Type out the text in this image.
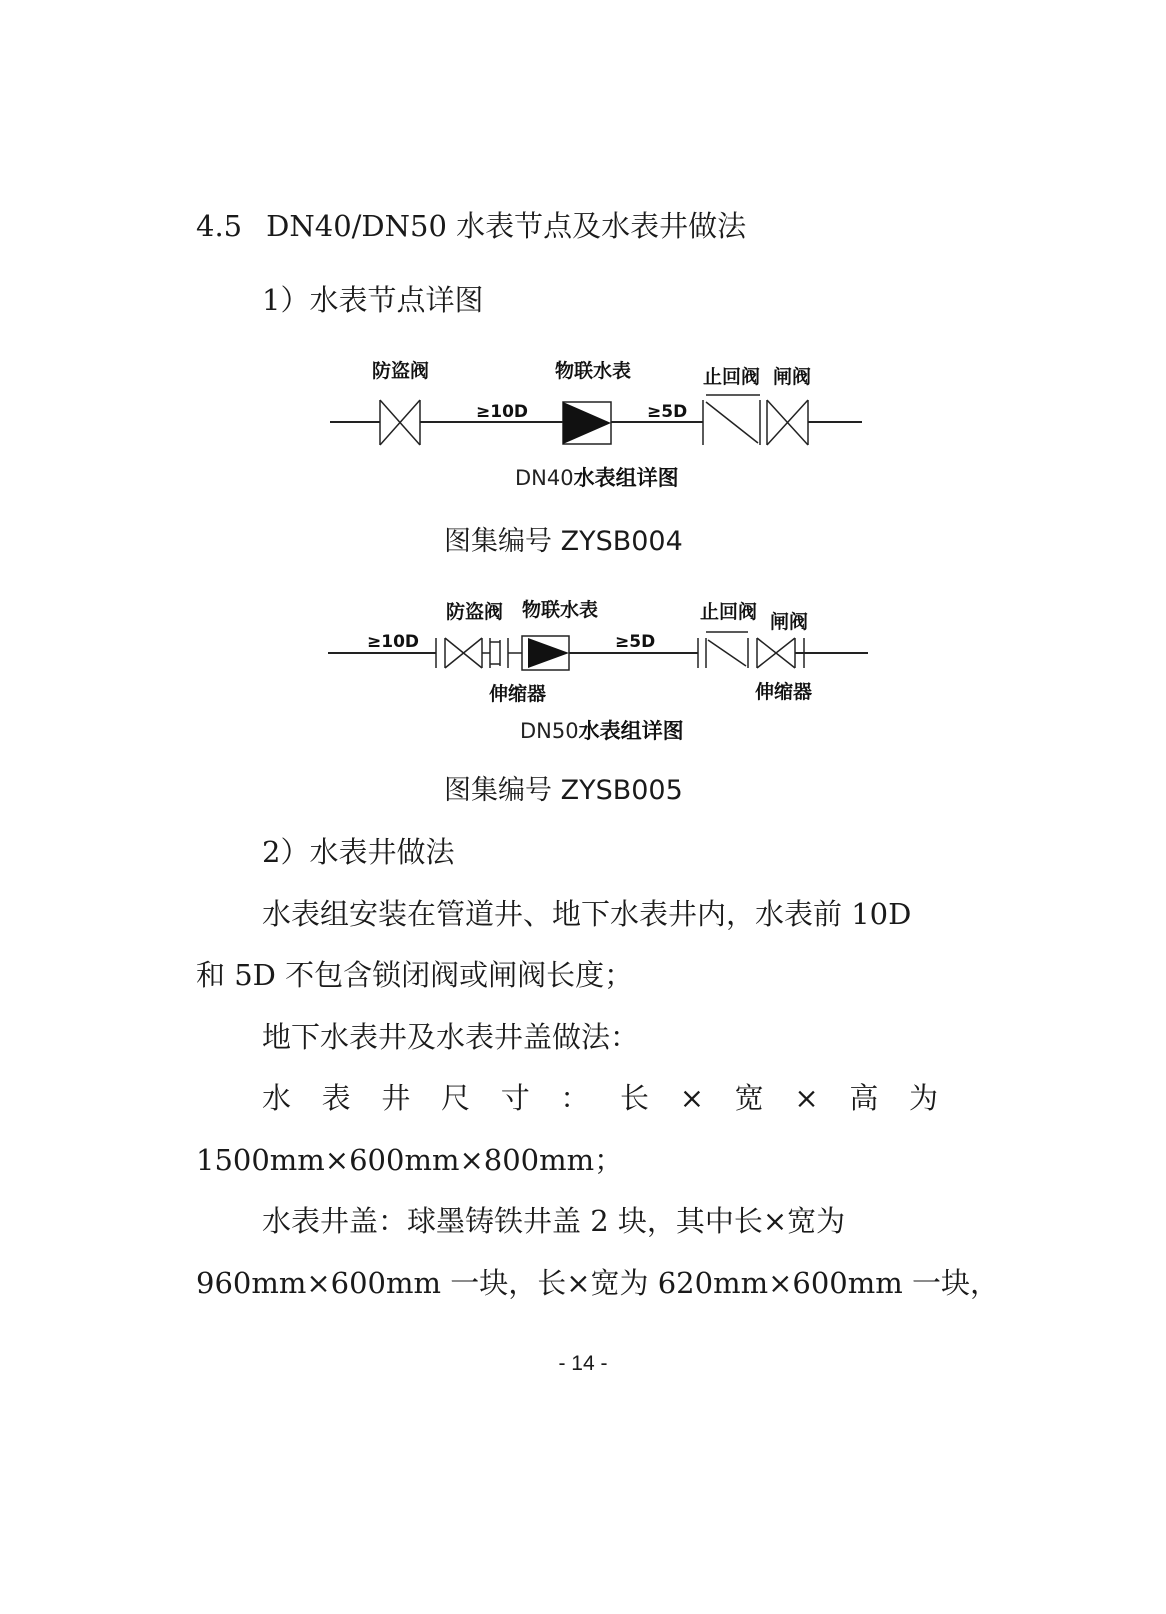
4.5 DN40/DN50 水表节点及水表井做法
1）水表节点详图
防盗阀	物联水表	止回阀 闸阀
≥10D	≥5D
DN40水表组详图
图集编号 ZYSB004
防盗阀 物联水表	止回阀 闸阀
≥10D	≥5D
伸缩器	伸缩器
DN50水表组详图
图集编号 ZYSB005
2）水表井做法
水表组安装在管道井、地下水表井内，水表前 10D
和 5D 不包含锁闭阀或闸阀长度；
地下水表井及水表井盖做法：
水 表 井 尺 寸 ： 长 × 宽 × 高 为
1500mm×600mm×800mm；
水表井盖：球墨铸铁井盖 2 块，其中长×宽为
960mm×600mm 一块，长×宽为 620mm×600mm 一块，
- 14 -
